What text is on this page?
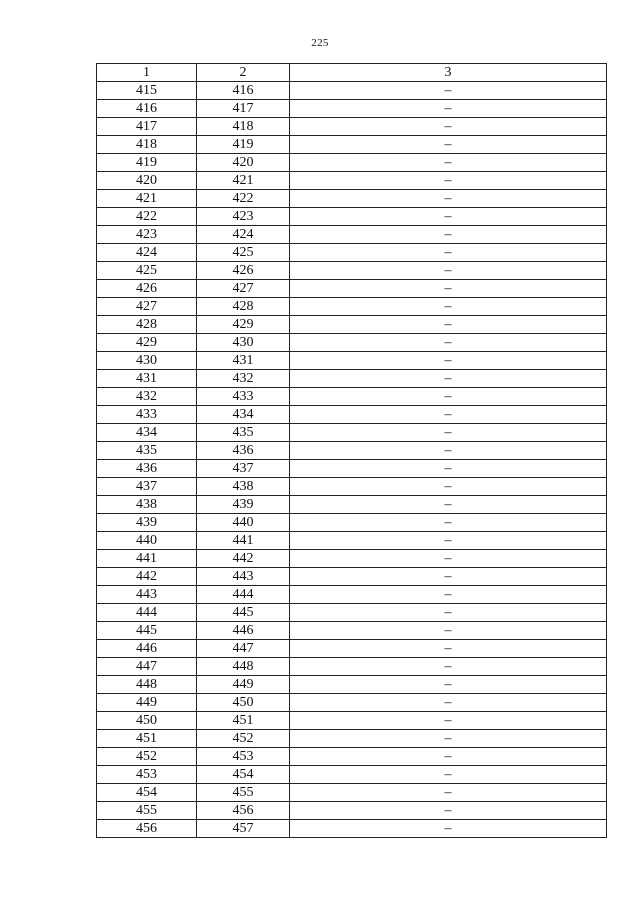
225
1	2	3
415	416	–
416	417	–
417	418	–
418	419	–
419	420	–
420	421	–
421	422	–
422	423	–
423	424	–
424	425	–
425	426	–
426	427	–
427	428	–
428	429	–
429	430	–
430	431	–
431	432	–
432	433	–
433	434	–
434	435	–
435	436	–
436	437	–
437	438	–
438	439	–
439	440	–
440	441	–
441	442	–
442	443	–
443	444	–
444	445	–
445	446	–
446	447	–
447	448	–
448	449	–
449	450	–
450	451	–
451	452	–
452	453	–
453	454	–
454	455	–
455	456	–
456	457	–
